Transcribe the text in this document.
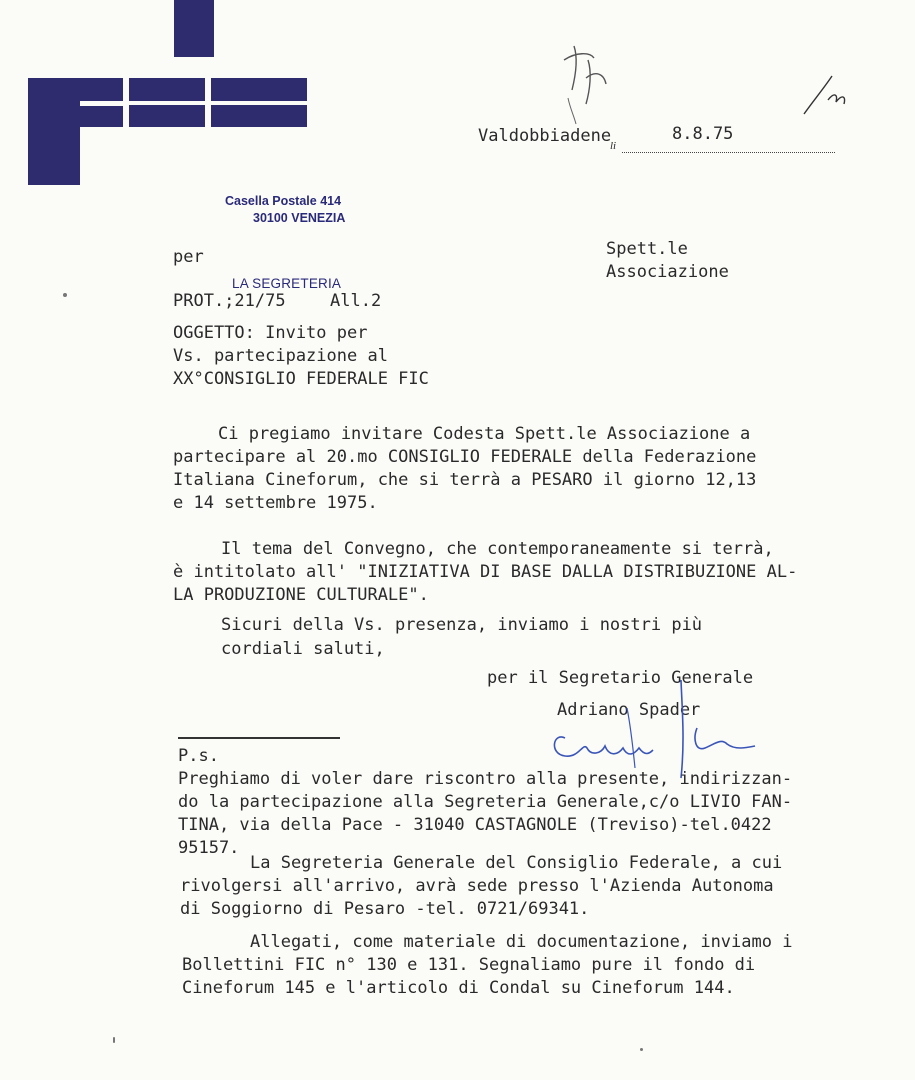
Casella Postale 414
30100 VENEZIA
Valdobbiadene	8.8.75
li
Spett.le
Associazione
per
LA SEGRETERIA
PROT.;21/75	All.2
OGGETTO: Invito per
Vs. partecipazione al
XX°CONSIGLIO FEDERALE FIC
Ci pregiamo invitare Codesta Spett.le Associazione a
partecipare al 20.mo CONSIGLIO FEDERALE della Federazione
Italiana Cineforum, che si terrà a PESARO il giorno 12,13
e 14 settembre 1975.
Il tema del Convegno, che contemporaneamente si terrà,
è intitolato all' "INIZIATIVA DI BASE DALLA DISTRIBUZIONE AL-
LA PRODUZIONE CULTURALE".
Sicuri della Vs. presenza, inviamo i nostri più
cordiali saluti,
per il Segretario Generale
Adriano Spader
P.s.
Preghiamo di voler dare riscontro alla presente, indirizzan-
do la partecipazione alla Segreteria Generale,c/o LIVIO FAN-
TINA, via della Pace - 31040 CASTAGNOLE (Treviso)-tel.0422
95157.
La Segreteria Generale del Consiglio Federale, a cui
rivolgersi all'arrivo, avrà sede presso l'Azienda Autonoma
di Soggiorno di Pesaro -tel. 0721/69341.
Allegati, come materiale di documentazione, inviamo i
Bollettini FIC n° 130 e 131. Segnaliamo pure il fondo di
Cineforum 145 e l'articolo di Condal su Cineforum 144.
